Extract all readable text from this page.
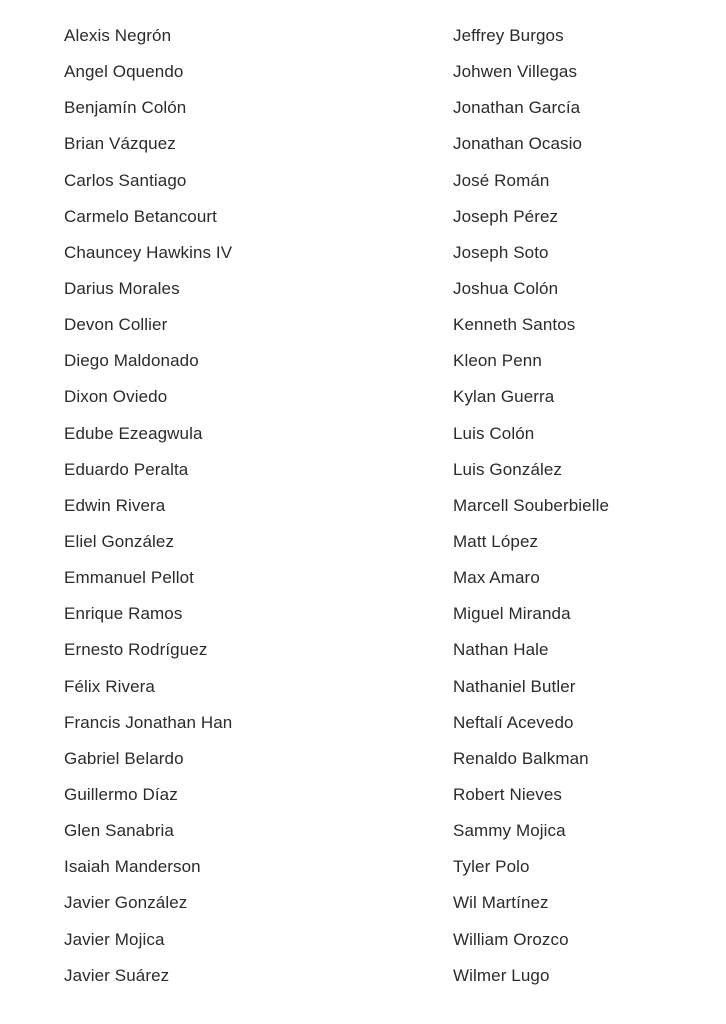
Alexis Negrón
Angel Oquendo
Benjamín Colón
Brian Vázquez
Carlos Santiago
Carmelo Betancourt
Chauncey Hawkins IV
Darius Morales
Devon Collier
Diego Maldonado
Dixon Oviedo
Edube Ezeagwula
Eduardo Peralta
Edwin Rivera
Eliel González
Emmanuel Pellot
Enrique Ramos
Ernesto Rodríguez
Félix Rivera
Francis Jonathan Han
Gabriel Belardo
Guillermo Díaz
Glen Sanabria
Isaiah Manderson
Javier González
Javier Mojica
Javier Suárez
Jeffrey Burgos
Johwen Villegas
Jonathan García
Jonathan Ocasio
José Román
Joseph Pérez
Joseph Soto
Joshua Colón
Kenneth Santos
Kleon Penn
Kylan Guerra
Luis Colón
Luis González
Marcell Souberbielle
Matt López
Max Amaro
Miguel Miranda
Nathan Hale
Nathaniel Butler
Neftalí Acevedo
Renaldo Balkman
Robert Nieves
Sammy Mojica
Tyler Polo
Wil Martínez
William Orozco
Wilmer Lugo
